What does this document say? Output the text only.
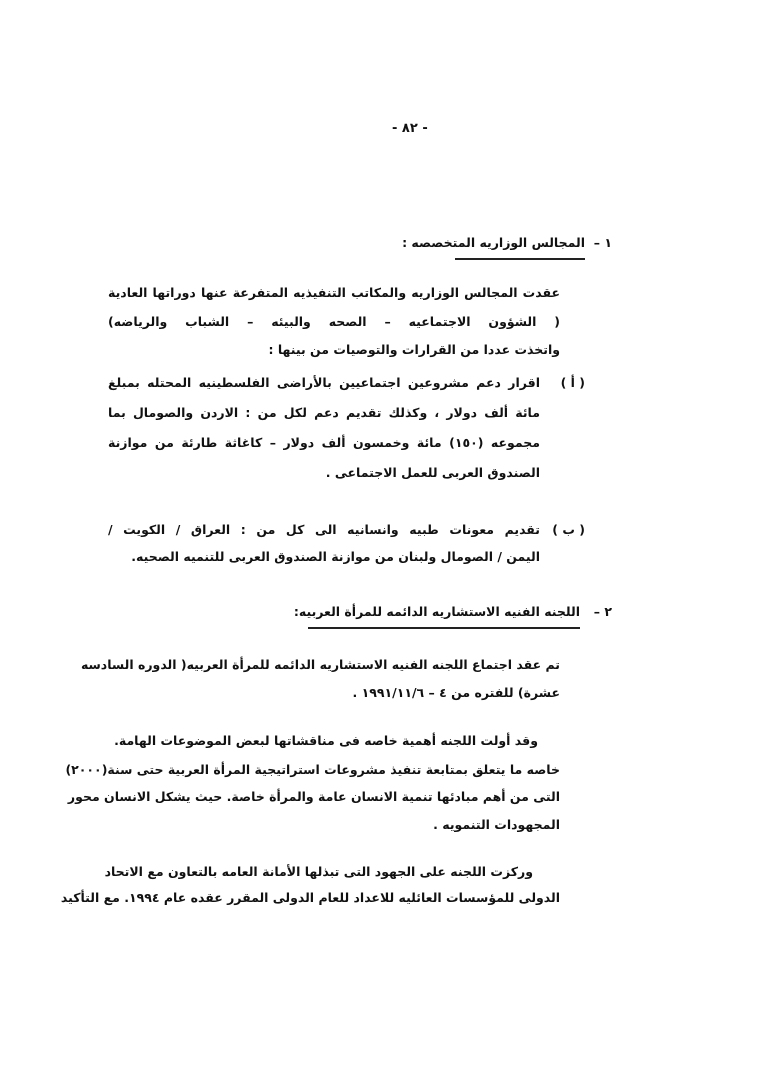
- ٨٢ -
١ –
المجالس الوزاريه المتخصصه :
عقدت المجالس الوزاريه والمكاتب التنفيذيه المتفرعة عنها دوراتها العادية
( الشؤون الاجتماعيه – الصحه والبيئه – الشباب والرياضه)
واتخذت عددا من القرارات والتوصيات من بينها :
( أ )
اقرار دعم مشروعين اجتماعيين بالأراضى الفلسطينيه المحتله بمبلغ
مائة ألف دولار ، وكذلك تقديم دعم لكل من : الاردن والصومال بما
مجموعه (١٥٠) مائة وخمسون ألف دولار – كاغاثة طارئة من موازنة
الصندوق العربى للعمل الاجتماعى .
( ب )
تقديم معونات طبيه وانسانيه الى كل من : العراق / الكويت /
اليمن / الصومال ولبنان من موازنة الصندوق العربى للتنميه الصحيه.
٢ –
اللجنه الفنيه الاستشاريه الدائمه للمرأة العربيه:
تم عقد اجتماع اللجنه الفنيه الاستشاريه الدائمه للمرأة العربيه( الدوره السادسه
عشرة) للفتره من ٤ – ١٩٩١/١١/٦ .
وقد أولت اللجنه أهمية خاصه فى مناقشاتها لبعض الموضوعات الهامة.
خاصه ما يتعلق بمتابعة تنفيذ مشروعات استراتيجية المرأة العربية حتى سنة(٢٠٠٠)
التى من أهم مبادئها تنمية الانسان عامة والمرأة خاصة. حيث يشكل الانسان محور
المجهودات التنمويه .
وركزت اللجنه على الجهود التى تبذلها الأمانة العامه بالتعاون مع الاتحاد
الدولى للمؤسسات العائليه للاعداد للعام الدولى المقرر عقده عام ١٩٩٤. مع التأكيد
